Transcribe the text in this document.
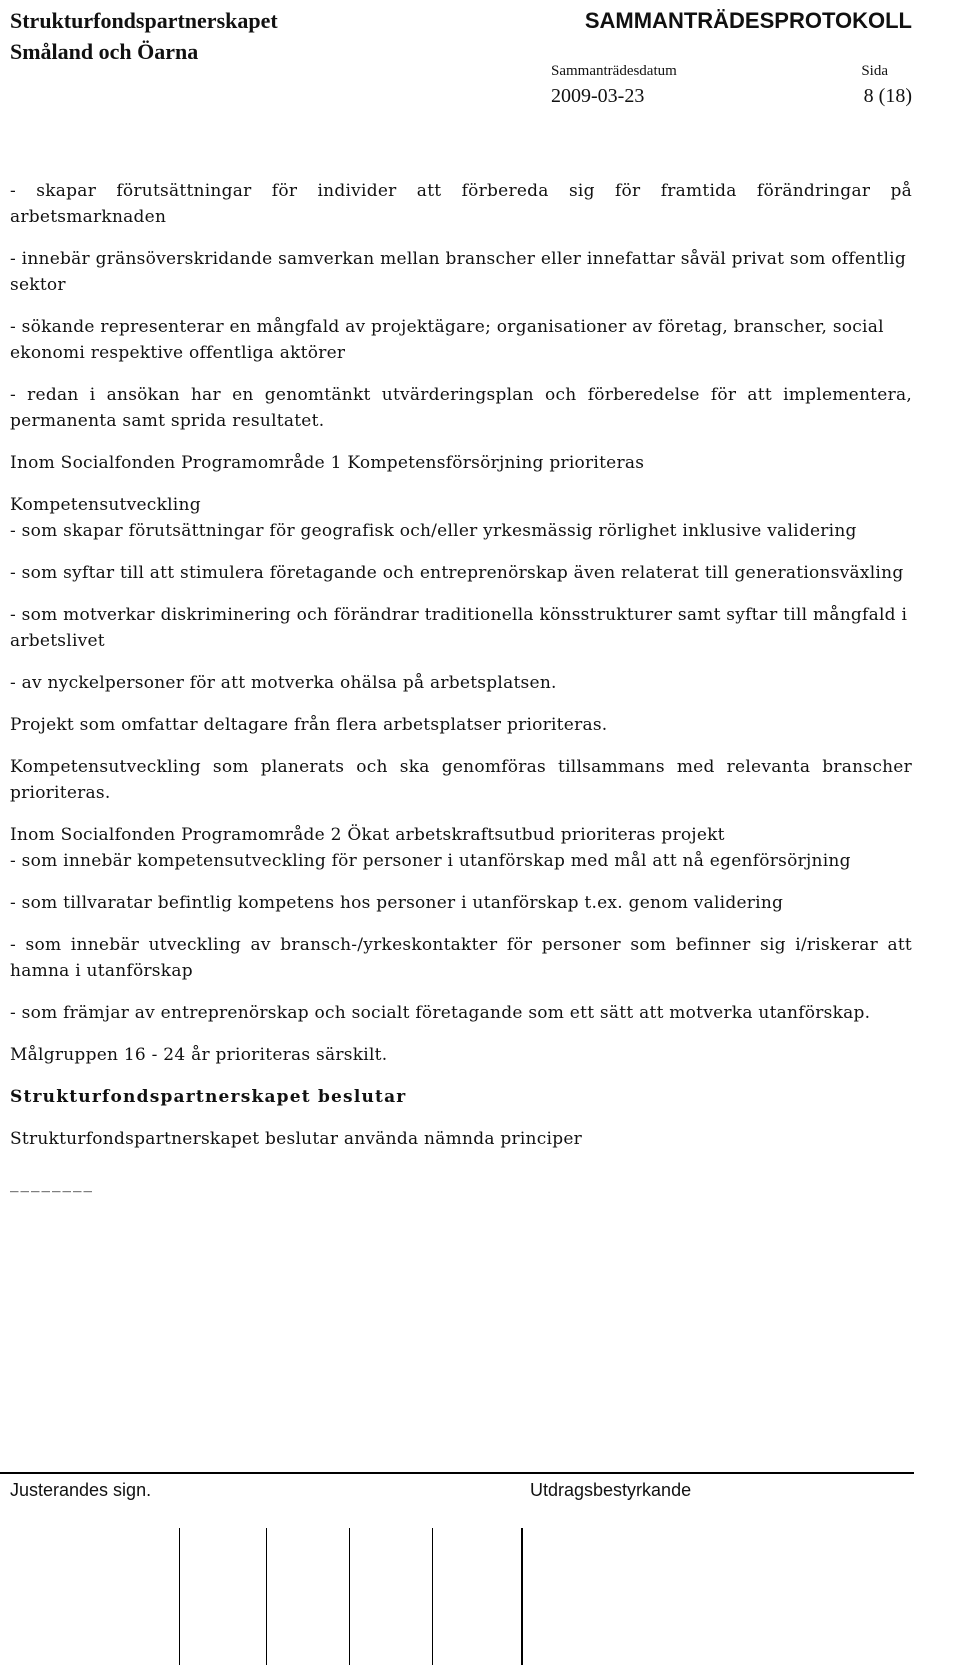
Strukturfondspartnerskapet
Småland och Öarna
SAMMANTRÄDESPROTOKOLL
Sammanträdesdatum	Sida
2009-03-23	8 (18)

- skapar förutsättningar för individer att förbereda sig för framtida förändringar på arbetsmarknaden

- innebär gränsöverskridande samverkan mellan branscher eller innefattar såväl privat som offentlig sektor

- sökande representerar en mångfald av projektägare; organisationer av företag, branscher, social ekonomi respektive offentliga aktörer

- redan i ansökan har en genomtänkt utvärderingsplan och förberedelse för att implementera, permanenta samt sprida resultatet.

Inom Socialfonden Programområde 1 Kompetensförsörjning prioriteras

Kompetensutveckling

- som skapar förutsättningar för geografisk och/eller yrkesmässig rörlighet inklusive validering

- som syftar till att stimulera företagande och entreprenörskap även relaterat till generationsväxling

- som motverkar diskriminering och förändrar traditionella könsstrukturer samt syftar till mångfald i arbetslivet

- av nyckelpersoner för att motverka ohälsa på arbetsplatsen.

Projekt som omfattar deltagare från flera arbetsplatser prioriteras.

Kompetensutveckling som planerats och ska genomföras tillsammans med relevanta branscher prioriteras.

Inom Socialfonden Programområde 2 Ökat arbetskraftsutbud prioriteras projekt

- som innebär kompetensutveckling för personer i utanförskap med mål att nå egenförsörjning

- som tillvaratar befintlig kompetens hos personer i utanförskap t.ex. genom validering

- som innebär utveckling av bransch-/yrkeskontakter för personer som befinner sig i/riskerar att hamna i utanförskap

- som främjar av entreprenörskap och socialt företagande som ett sätt att motverka utanförskap.

Målgruppen 16 - 24 år prioriteras särskilt.

Strukturfondspartnerskapet beslutar

Strukturfondspartnerskapet beslutar använda nämnda principer

________

Justerandes sign.	Utdragsbestyrkande
